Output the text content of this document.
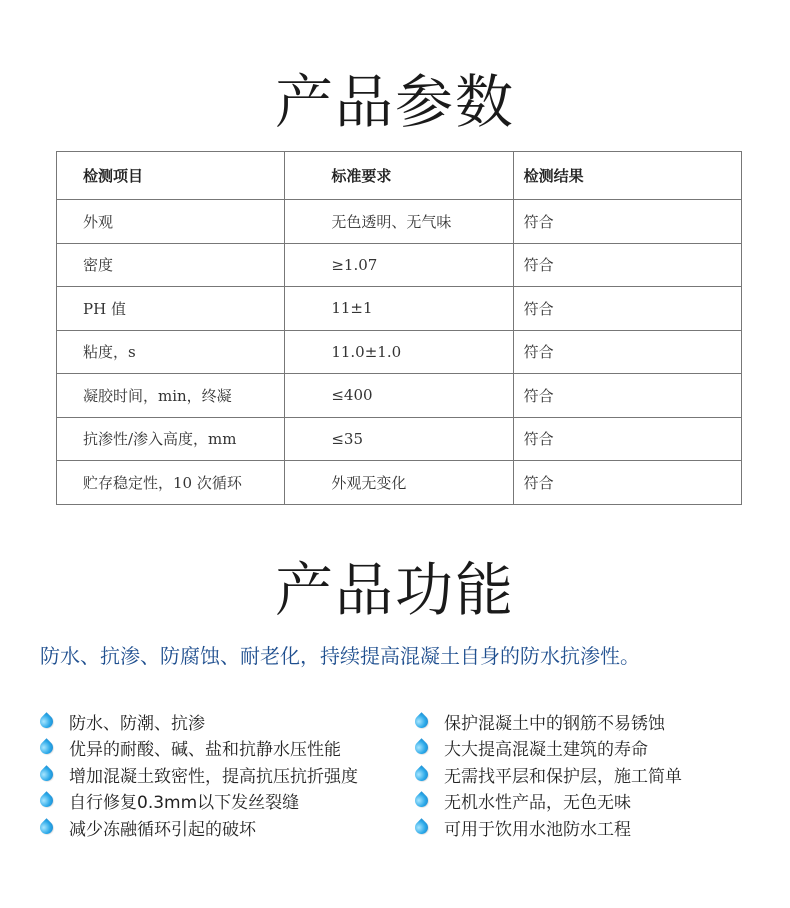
产品参数
检测项目	标准要求	检测结果
外观	无色透明、无气味	符合
密度	≥1.07	符合
PH 值	11±1	符合
粘度，s	11.0±1.0	符合
凝胶时间，min，终凝	≤400	符合
抗渗性/渗入高度，mm	≤35	符合
贮存稳定性，10 次循环	外观无变化	符合
产品功能
防水、抗渗、防腐蚀、耐老化，持续提高混凝土自身的防水抗渗性。
防水、防潮、抗渗
优异的耐酸、碱、盐和抗静水压性能
增加混凝土致密性，提高抗压抗折强度
自行修复0.3mm以下发丝裂缝
减少冻融循环引起的破坏
保护混凝土中的钢筋不易锈蚀
大大提高混凝土建筑的寿命
无需找平层和保护层，施工简单
无机水性产品，无色无味
可用于饮用水池防水工程
